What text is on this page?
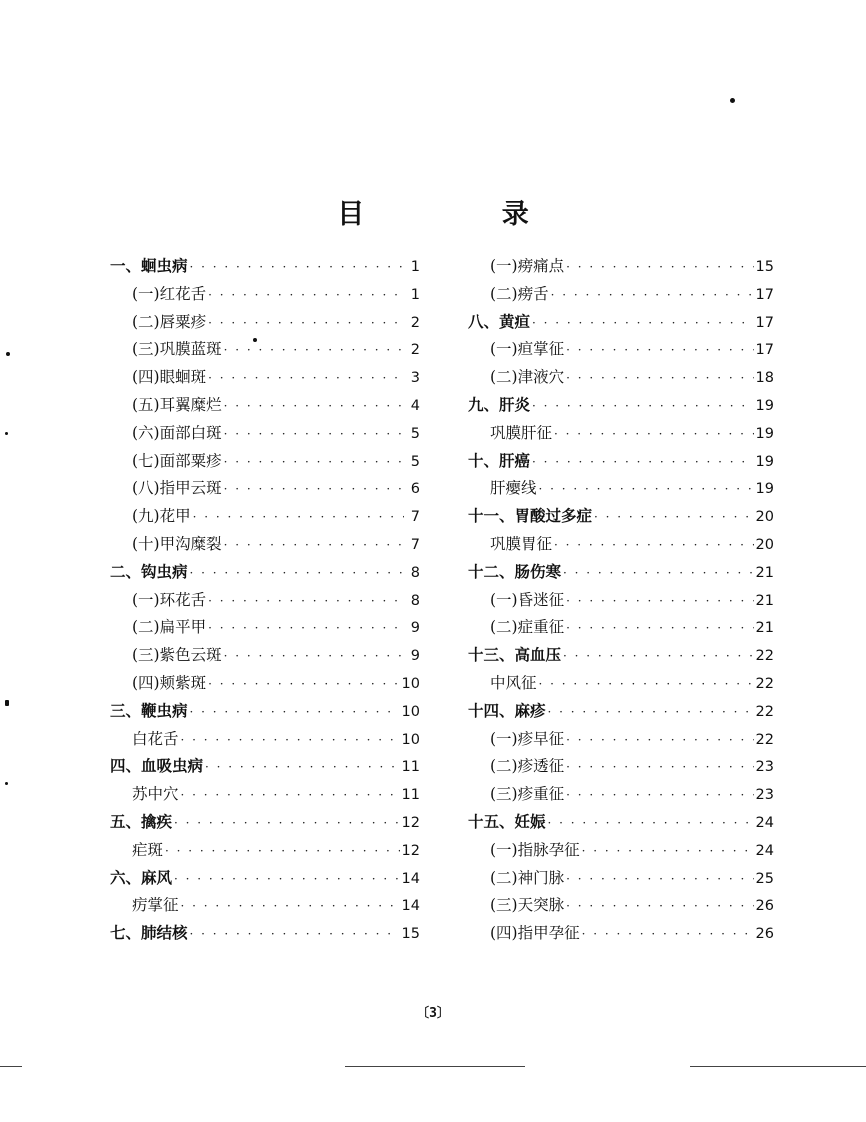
目 录
一、蛔虫病 · · ·	1
(一)红花舌 · · ·	1
(二)唇粟疹 · · ·	2
(三)巩膜蓝斑 · · ·	2
(四)眼蛔斑 · · ·	3
(五)耳翼糜烂 · · ·	4
(六)面部白斑 · · ·	5
(七)面部粟疹 · · ·	5
(八)指甲云斑 · · ·	6
(九)花甲 · · ·	7
(十)甲沟糜裂 · · ·	7
二、钩虫病 · · ·	8
(一)环花舌 · · ·	8
(二)扁平甲 · · ·	9
(三)紫色云斑 · · ·	9
(四)颊紫斑 · · ·	10
三、鞭虫病 · · ·	10
白花舌 · · ·	10
四、血吸虫病 · · ·	11
苏中穴 · · ·	11
五、擒疾 · · ·	12
疟斑 · · ·	12
六、麻风 · · ·	14
疠掌征 · · ·	14
七、肺结核 · · ·	15
(一)痨痛点 · · ·	15
(二)痨舌 · · ·	17
八、黄疸 · · ·	17
(一)疸掌征 · · ·	17
(二)津液穴 · · ·	18
九、肝炎 · · ·	19
巩膜肝征 · · ·	19
十、肝癌 · · ·	19
肝瘿线 · · ·	19
十一、胃酸过多症 · · ·	20
巩膜胃征 · · ·	20
十二、肠伤寒 · · ·	21
(一)昏迷征 · · ·	21
(二)症重征 · · ·	21
十三、高血压 · · ·	22
中风征 · · ·	22
十四、麻疹 · · ·	22
(一)疹早征 · · ·	22
(二)疹透征 · · ·	23
(三)疹重征 · · ·	23
十五、妊娠 · · ·	24
(一)指脉孕征 · · ·	24
(二)神门脉 · · ·	25
(三)天突脉 · · ·	26
(四)指甲孕征 · · ·	26
〔3〕
